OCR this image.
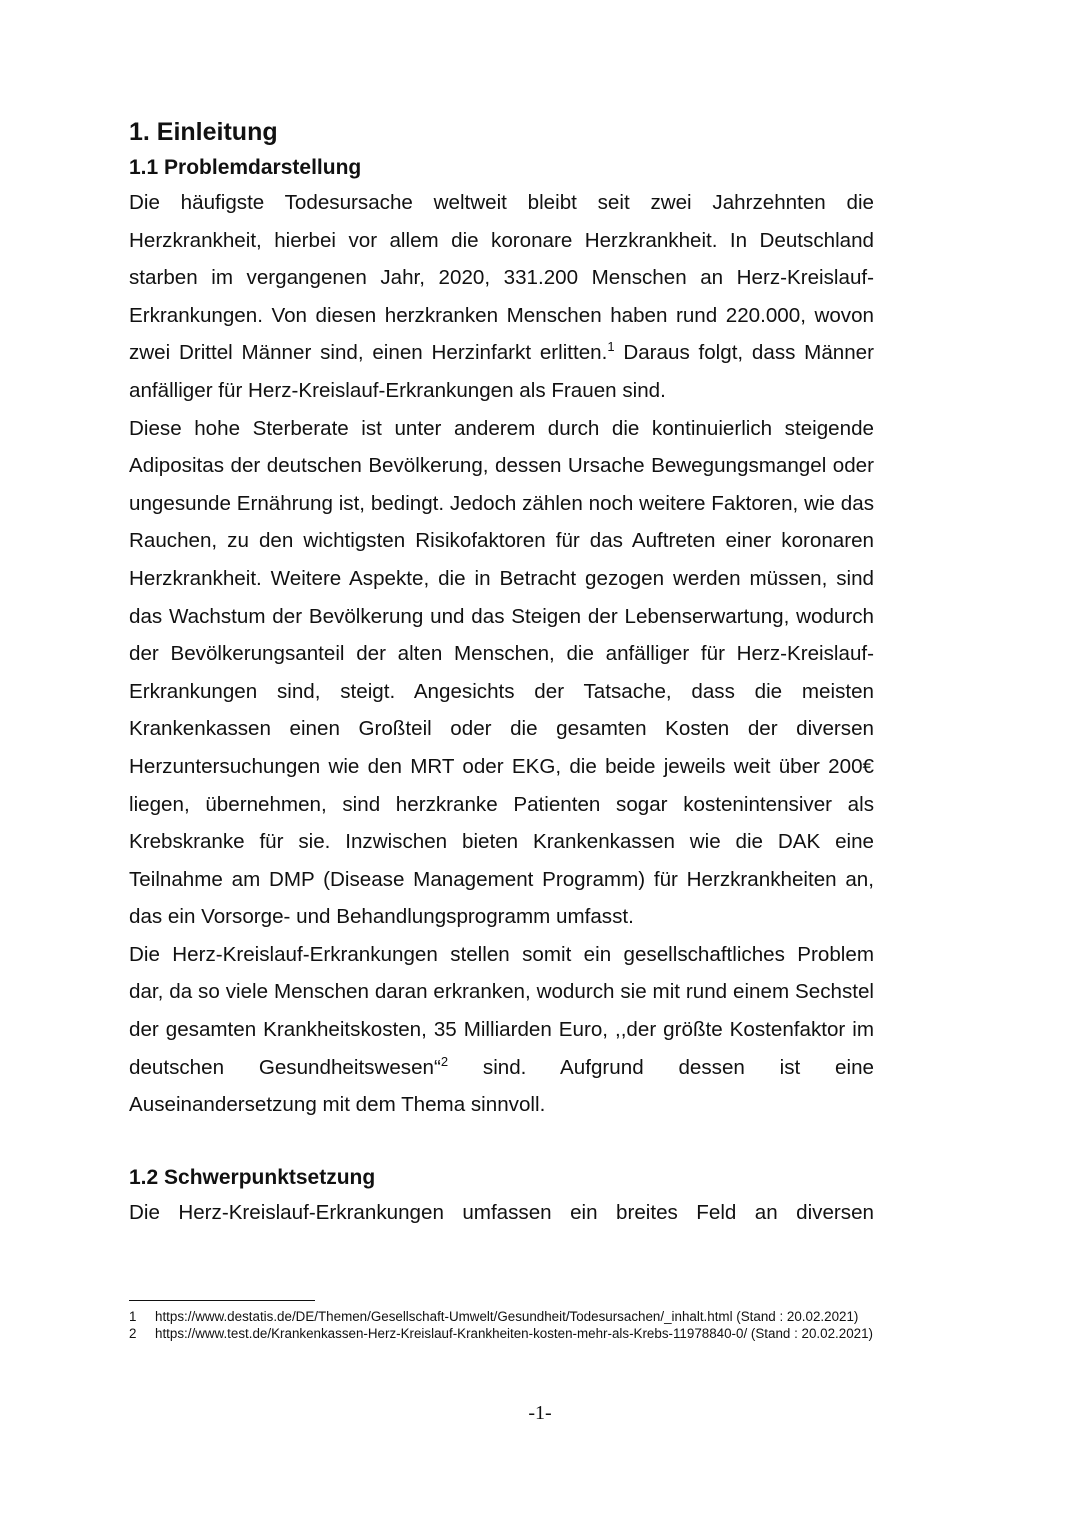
1. Einleitung
1.1 Problemdarstellung

Die häufigste Todesursache weltweit bleibt seit zwei Jahrzehnten die Herzkrankheit, hierbei vor allem die koronare Herzkrankheit. In Deutschland starben im vergangenen Jahr, 2020, 331.200 Menschen an Herz-Kreislauf-Erkrankungen. Von diesen herzkranken Menschen haben rund 220.000, wovon zwei Drittel Männer sind, einen Herzinfarkt erlitten.$^1$ Daraus folgt, dass Männer anfälliger für Herz-Kreislauf-Erkrankungen als Frauen sind.

Diese hohe Sterberate ist unter anderem durch die kontinuierlich steigende Adipositas der deutschen Bevölkerung, dessen Ursache Bewegungsmangel oder ungesunde Ernährung ist, bedingt. Jedoch zählen noch weitere Faktoren, wie das Rauchen, zu den wichtigsten Risikofaktoren für das Auftreten einer koronaren Herzkrankheit. Weitere Aspekte, die in Betracht gezogen werden müssen, sind das Wachstum der Bevölkerung und das Steigen der Lebenserwartung, wodurch der Bevölkerungsanteil der alten Menschen, die anfälliger für Herz-Kreislauf-Erkrankungen sind, steigt. Angesichts der Tatsache, dass die meisten Krankenkassen einen Großteil oder die gesamten Kosten der diversen Herzuntersuchungen wie den MRT oder EKG, die beide jeweils weit über 200€ liegen, übernehmen, sind herzkranke Patienten sogar kostenintensiver als Krebskranke für sie. Inzwischen bieten Krankenkassen wie die DAK eine Teilnahme am DMP (Disease Management Programm) für Herzkrankheiten an, das ein Vorsorge- und Behandlungsprogramm umfasst.

Die Herz-Kreislauf-Erkrankungen stellen somit ein gesellschaftliches Problem dar, da so viele Menschen daran erkranken, wodurch sie mit rund einem Sechstel der gesamten Krankheitskosten, 35 Milliarden Euro, ,,der größte Kostenfaktor im deutschen Gesundheitswesen“$^2$ sind. Aufgrund dessen ist eine Auseinandersetzung mit dem Thema sinnvoll.

1.2 Schwerpunktsetzung

Die Herz-Kreislauf-Erkrankungen umfassen ein breites Feld an diversen

1	https://www.destatis.de/DE/Themen/Gesellschaft-Umwelt/Gesundheit/Todesursachen/_inhalt.html (Stand : 20.02.2021)
2	https://www.test.de/Krankenkassen-Herz-Kreislauf-Krankheiten-kosten-mehr-als-Krebs-11978840-0/ (Stand : 20.02.2021)
-1-
